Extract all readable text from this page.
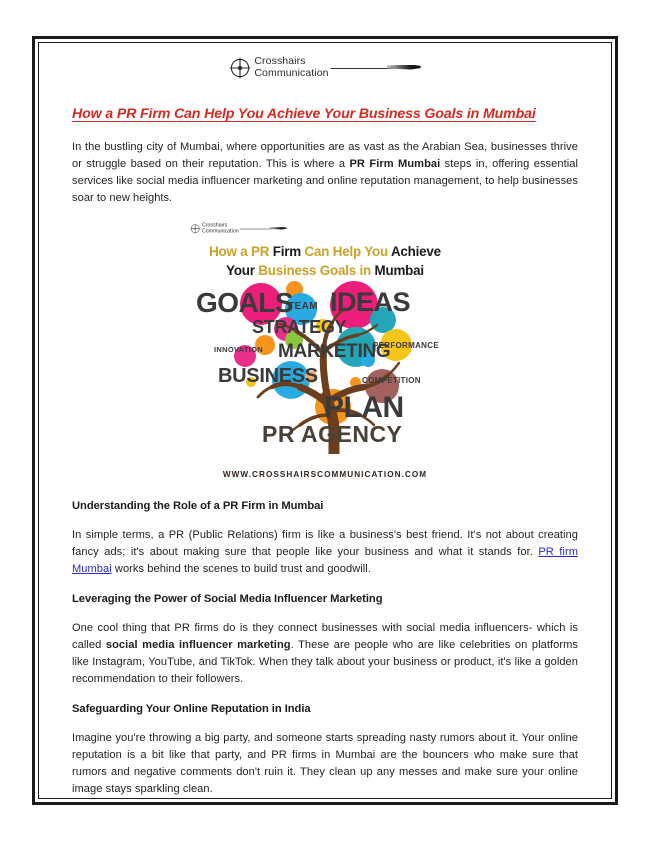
Crosshairs
Communication
How a PR Firm Can Help You Achieve Your Business Goals in Mumbai

In the bustling city of Mumbai, where opportunities are as vast as the Arabian Sea, businesses thrive or struggle based on their reputation. This is where a PR Firm Mumbai steps in, offering essential services like social media influencer marketing and online reputation management, to help businesses soar to new heights.

Crosshairs
Communication
How a PR Firm Can Help You Achieve
Your Business Goals in Mumbai
GOALS
TEAM IDEAS
STRATEGY
MARKETING
INNOVATION	PERFORMANCE
BUSINESS	COMPETITION
PLAN
PR AGENCY
WWW.CROSSHAIRSCOMMUNICATION.COM
Understanding the Role of a PR Firm in Mumbai

In simple terms, a PR (Public Relations) firm is like a business's best friend. It's not about creating fancy ads; it's about making sure that people like your business and what it stands for. PR firm Mumbai works behind the scenes to build trust and goodwill.

Leveraging the Power of Social Media Influencer Marketing

One cool thing that PR firms do is they connect businesses with social media influencers- which is called social media influencer marketing. These are people who are like celebrities on platforms like Instagram, YouTube, and TikTok. When they talk about your business or product, it's like a golden recommendation to their followers.

Safeguarding Your Online Reputation in India

Imagine you're throwing a big party, and someone starts spreading nasty rumors about it. Your online reputation is a bit like that party, and PR firms in Mumbai are the bouncers who make sure that rumors and negative comments don't ruin it. They clean up any messes and make sure your online image stays sparkling clean.
